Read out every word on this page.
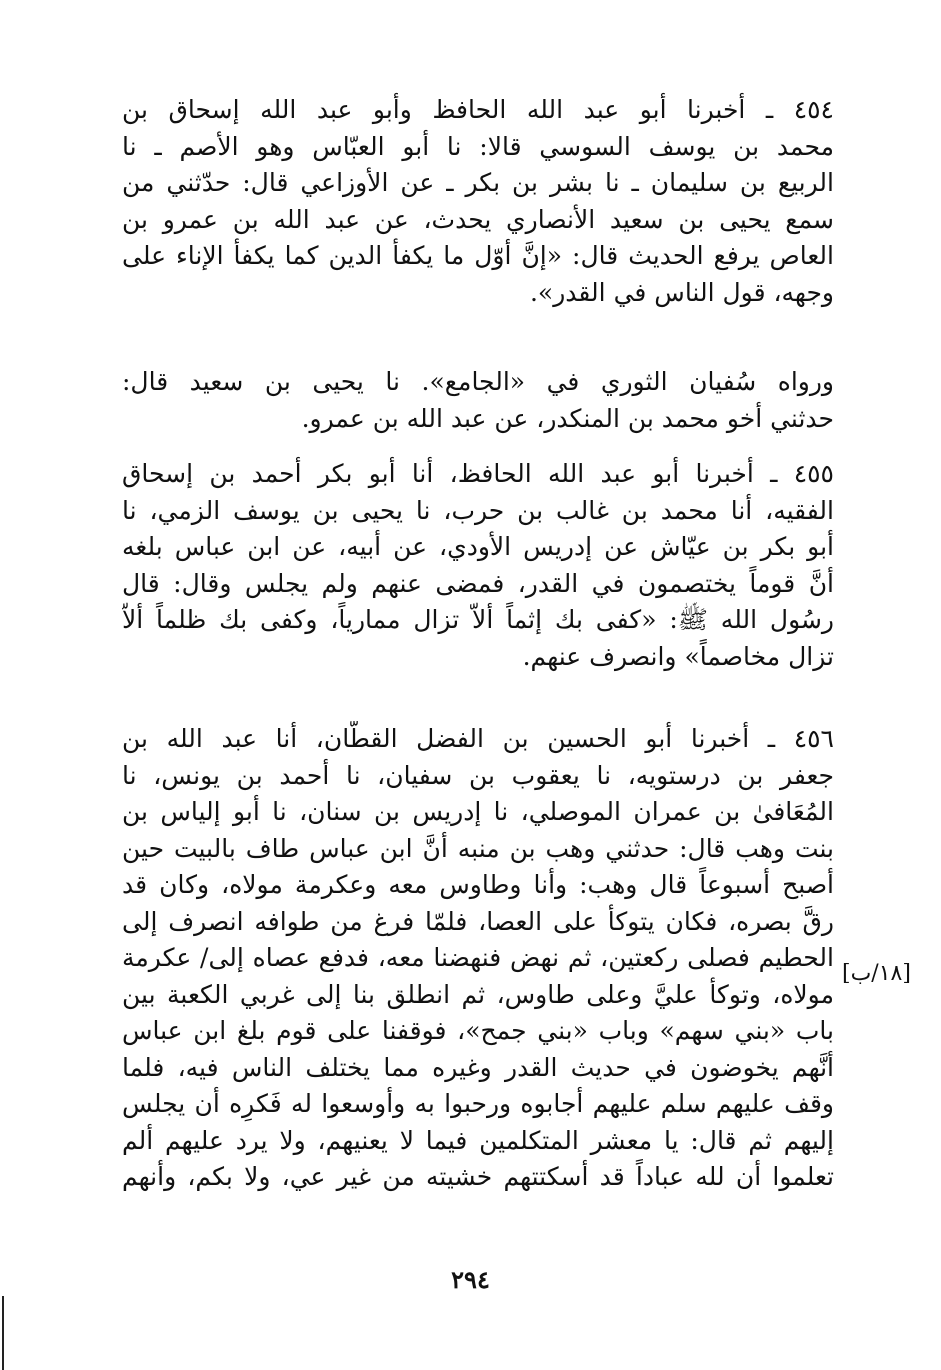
٤٥٤ ـ أخبرنا أبو عبد الله الحافظ وأبو عبد الله إسحاق بن
محمد بن يوسف السوسي قالا: نا أبو العبّاس وهو الأصم ـ نا
الربيع بن سليمان ـ نا بشر بن بكر ـ عن الأوزاعي قال: حدّثني من
سمع يحيى بن سعيد الأنصاري يحدث، عن عبد الله بن عمرو بن
العاص يرفع الحديث قال: «إنَّ أوّل ما يكفأ الدين كما يكفأ الإناء على
وجهه، قول الناس في القدر».
ورواه سُفيان الثوري في «الجامع». نا يحيى بن سعيد قال:
حدثني أخو محمد بن المنكدر، عن عبد الله بن عمرو.
٤٥٥ ـ أخبرنا أبو عبد الله الحافظ، أنا أبو بكر أحمد بن إسحاق
الفقيه، أنا محمد بن غالب بن حرب، نا يحيى بن يوسف الزمي، نا
أبو بكر بن عيّاش عن إدريس الأودي، عن أبيه، عن ابن عباس بلغه
أنَّ قوماً يختصمون في القدر، فمضى عنهم ولم يجلس وقال: قال
رسُول الله ﷺ: «كفى بك إثماً ألاّ تزال ممارياً، وكفى بك ظلماً ألاّ
تزال مخاصماً» وانصرف عنهم.
٤٥٦ ـ أخبرنا أبو الحسين بن الفضل القطّان، أنا عبد الله بن
جعفر بن درستويه، نا يعقوب بن سفيان، نا أحمد بن يونس، نا
المُعَافىٰ بن عمران الموصلي، نا إدريس بن سنان، نا أبو إلياس بن
بنت وهب قال: حدثني وهب بن منبه أنَّ ابن عباس طاف بالبيت حين
أصبح أسبوعاً قال وهب: وأنا وطاوس معه وعكرمة مولاه، وكان قد
رقَّ بصره، فكان يتوكأ على العصا، فلمّا فرغ من طوافه انصرف إلى
الحطيم فصلى ركعتين، ثم نهض فنهضنا معه، فدفع عصاه إلى/ عكرمة
مولاه، وتوكأ عليَّ وعلى طاوس، ثم انطلق بنا إلى غربي الكعبة بين
باب «بني سهم» وباب «بني جمح»، فوقفنا على قوم بلغ ابن عباس
أنَّهم يخوضون في حديث القدر وغيره مما يختلف الناس فيه، فلما
وقف عليهم سلم عليهم أجابوه ورحبوا به وأوسعوا له فَكرِه أن يجلس
إليهم ثم قال: يا معشر المتكلمين فيما لا يعنيهم، ولا يرد عليهم ألم
تعلموا أن لله عباداً قد أسكتتهم خشيته من غير عي، ولا بكم، وأنهم
[١٨/ب]
٢٩٤
